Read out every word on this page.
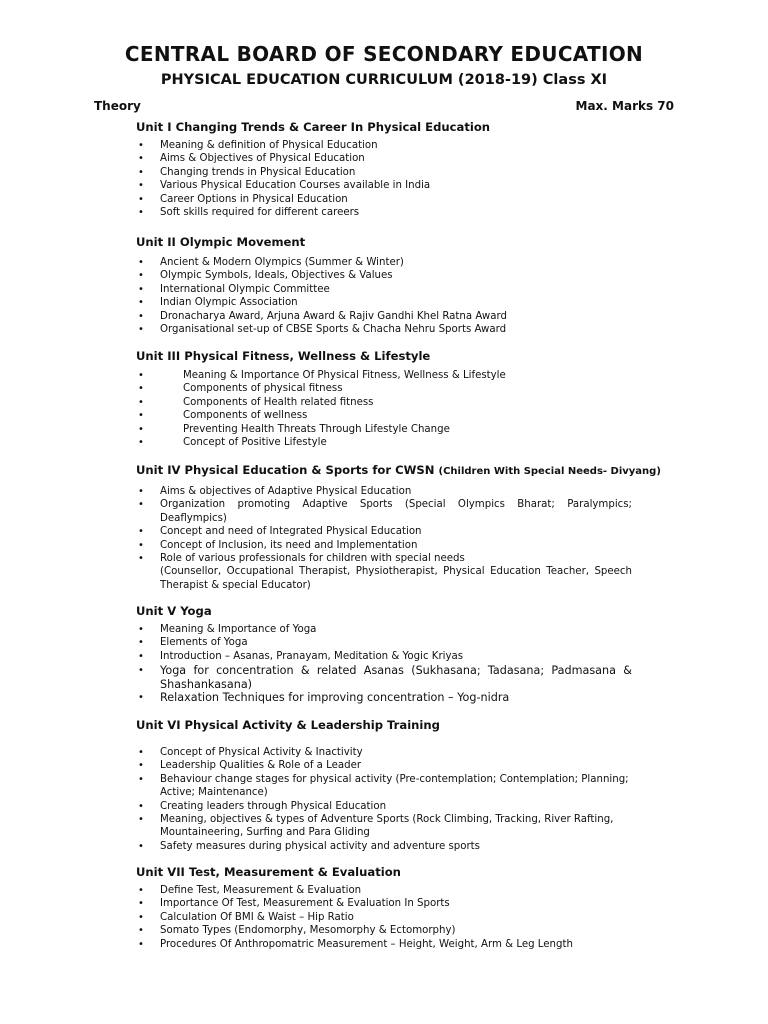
CENTRAL BOARD OF SECONDARY EDUCATION
PHYSICAL EDUCATION CURRICULUM (2018-19) Class XI
Theory	Max. Marks 70
Unit I Changing Trends & Career In Physical Education
• Meaning & definition of Physical Education
• Aims & Objectives of Physical Education
• Changing trends in Physical Education
• Various Physical Education Courses available in India
• Career Options in Physical Education
• Soft skills required for different careers
Unit II Olympic Movement
• Ancient & Modern Olympics (Summer & Winter)
• Olympic Symbols, Ideals, Objectives & Values
• International Olympic Committee
• Indian Olympic Association
• Dronacharya Award, Arjuna Award & Rajiv Gandhi Khel Ratna Award
• Organisational set-up of CBSE Sports & Chacha Nehru Sports Award
Unit III Physical Fitness, Wellness & Lifestyle
• Meaning & Importance Of Physical Fitness, Wellness & Lifestyle
• Components of physical fitness
• Components of Health related fitness
• Components of wellness
• Preventing Health Threats Through Lifestyle Change
• Concept of Positive Lifestyle
Unit IV Physical Education & Sports for CWSN (Children With Special Needs- Divyang)
• Aims & objectives of Adaptive Physical Education
• Organization promoting Adaptive Sports (Special Olympics Bharat; Paralympics; Deaflympics)
• Concept and need of Integrated Physical Education
• Concept of Inclusion, its need and Implementation
• Role of various professionals for children with special needs
(Counsellor, Occupational Therapist, Physiotherapist, Physical Education Teacher, Speech Therapist & special Educator)
Unit V Yoga
• Meaning & Importance of Yoga
• Elements of Yoga
• Introduction – Asanas, Pranayam, Meditation & Yogic Kriyas
• Yoga for concentration & related Asanas (Sukhasana; Tadasana; Padmasana & Shashankasana)
• Relaxation Techniques for improving concentration – Yog-nidra
Unit VI Physical Activity & Leadership Training
• Concept of Physical Activity & Inactivity
• Leadership Qualities & Role of a Leader
• Behaviour change stages for physical activity (Pre-contemplation; Contemplation; Planning; Active; Maintenance)
• Creating leaders through Physical Education
• Meaning, objectives & types of Adventure Sports (Rock Climbing, Tracking, River Rafting, Mountaineering, Surfing and Para Gliding
• Safety measures during physical activity and adventure sports
Unit VII Test, Measurement & Evaluation
• Define Test, Measurement & Evaluation
• Importance Of Test, Measurement & Evaluation In Sports
• Calculation Of BMI & Waist – Hip Ratio
• Somato Types (Endomorphy, Mesomorphy & Ectomorphy)
• Procedures Of Anthropomatric Measurement – Height, Weight, Arm & Leg Length
